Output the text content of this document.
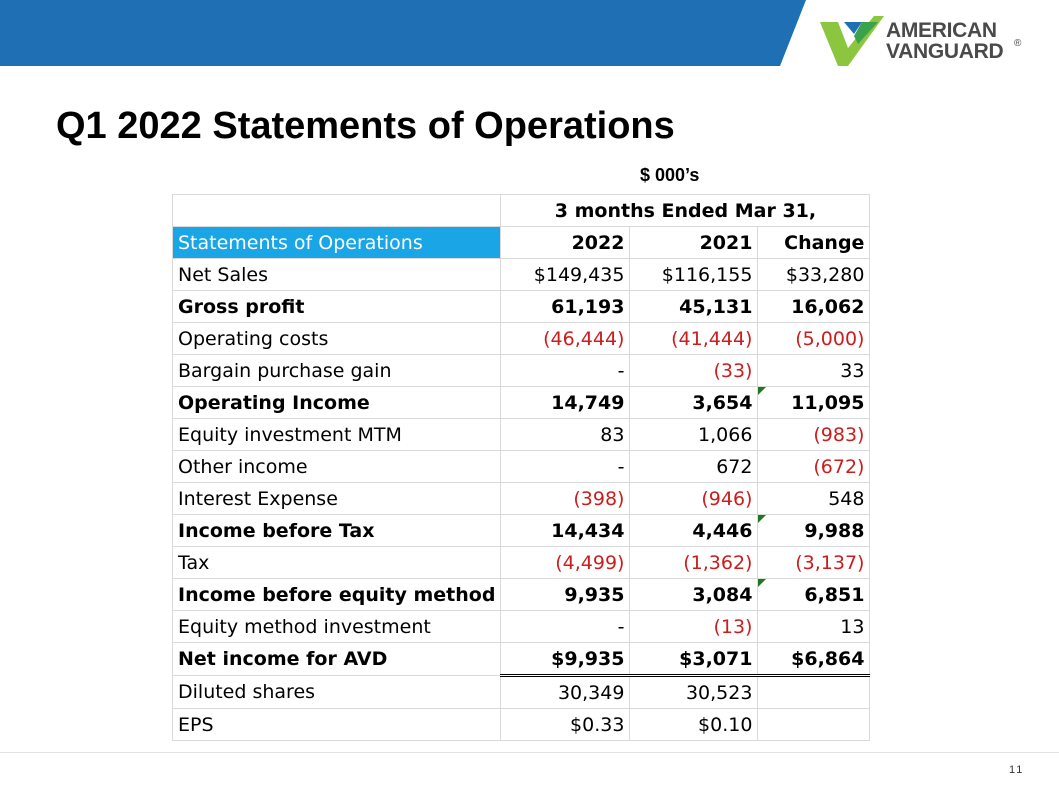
AMERICAN
VANGUARD ®
Q1 2022 Statements of Operations
$ 000’s
	3 months Ended Mar 31,		
Statements of Operations	2022	2021	Change
Net Sales	$149,435	$116,155	$33,280
Gross profit	61,193	45,131	16,062
Operating costs	(46,444)	(41,444)	(5,000)
Bargain purchase gain	-	(33)	33
Operating Income	14,749	3,654	11,095
Equity investment MTM	83	1,066	(983)
Other income	-	672	(672)
Interest Expense	(398)	(946)	548
Income before Tax	14,434	4,446	9,988
Tax	(4,499)	(1,362)	(3,137)
Income before equity method	9,935	3,084	6,851
Equity method investment	-	(13)	13
Net income for AVD	$9,935	$3,071	$6,864
Diluted shares	30,349	30,523	
EPS	$0.33	$0.10	
11
